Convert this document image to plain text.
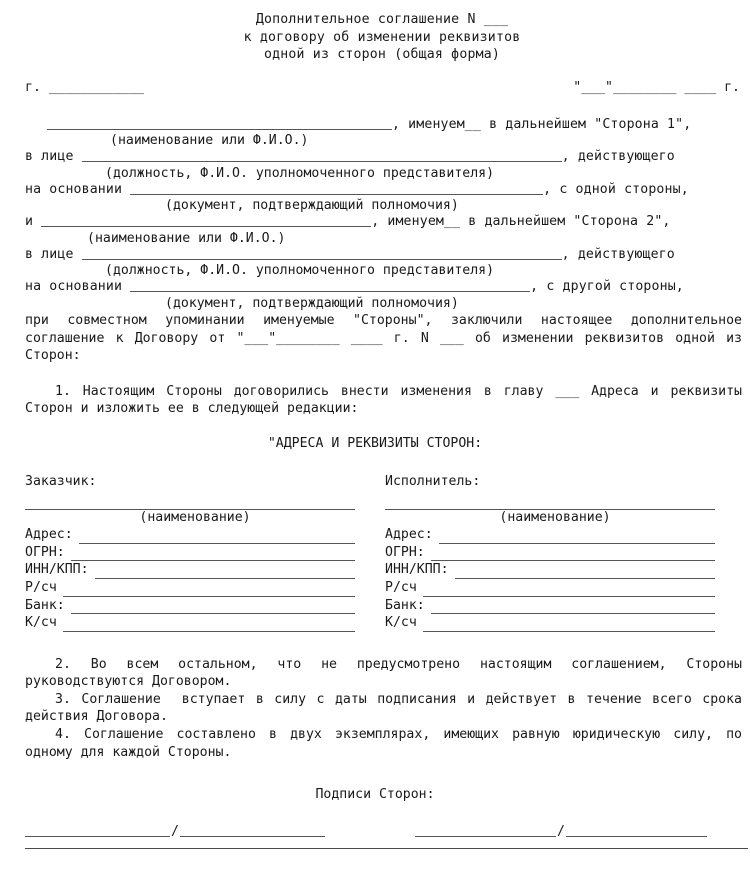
Дополнительное соглашение N ___
к договору об изменении реквизитов
одной из сторон (общая форма)
г. ____________	"___"________ ____ г.
, именуем__ в дальнейшем "Сторона 1",
(наименование или Ф.И.О.)
в лице	, действующего
(должность, Ф.И.О. уполномоченного представителя)
на основании	, с одной стороны,
(документ, подтверждающий полномочия)
и	, именуем__ в дальнейшем "Сторона 2",
(наименование или Ф.И.О.)
в лице	, действующего
(должность, Ф.И.О. уполномоченного представителя)
на основании	, с другой стороны,
(документ, подтверждающий полномочия)

при совместном упоминании именуемые "Стороны", заключили настоящее дополнительное соглашение к Договору от "___"________ ____ г. N ___ об изменении реквизитов одной из Сторон:

1. Настоящим Стороны договорились внести изменения в главу ___ Адреса и реквизиты Сторон и изложить ее в следующей редакции:

"АДРЕСА И РЕКВИЗИТЫ СТОРОН:
Заказчик:
(наименование)
Адрес:
ОГРН:
ИНН/КПП:
Р/сч
Банк:
К/сч
Исполнитель:
(наименование)
Адрес:
ОГРН:
ИНН/КПП:
Р/сч
Банк:
К/сч

2. Во всем остальном, что не предусмотрено настоящим соглашением, Стороны руководствуются Договором.

3. Соглашение  вступает в силу с даты подписания и действует в течение всего срока действия Договора.

4. Соглашение составлено в двух экземплярах, имеющих равную юридическую силу, по одному для каждой Стороны.

Подписи Сторон:
/	/
